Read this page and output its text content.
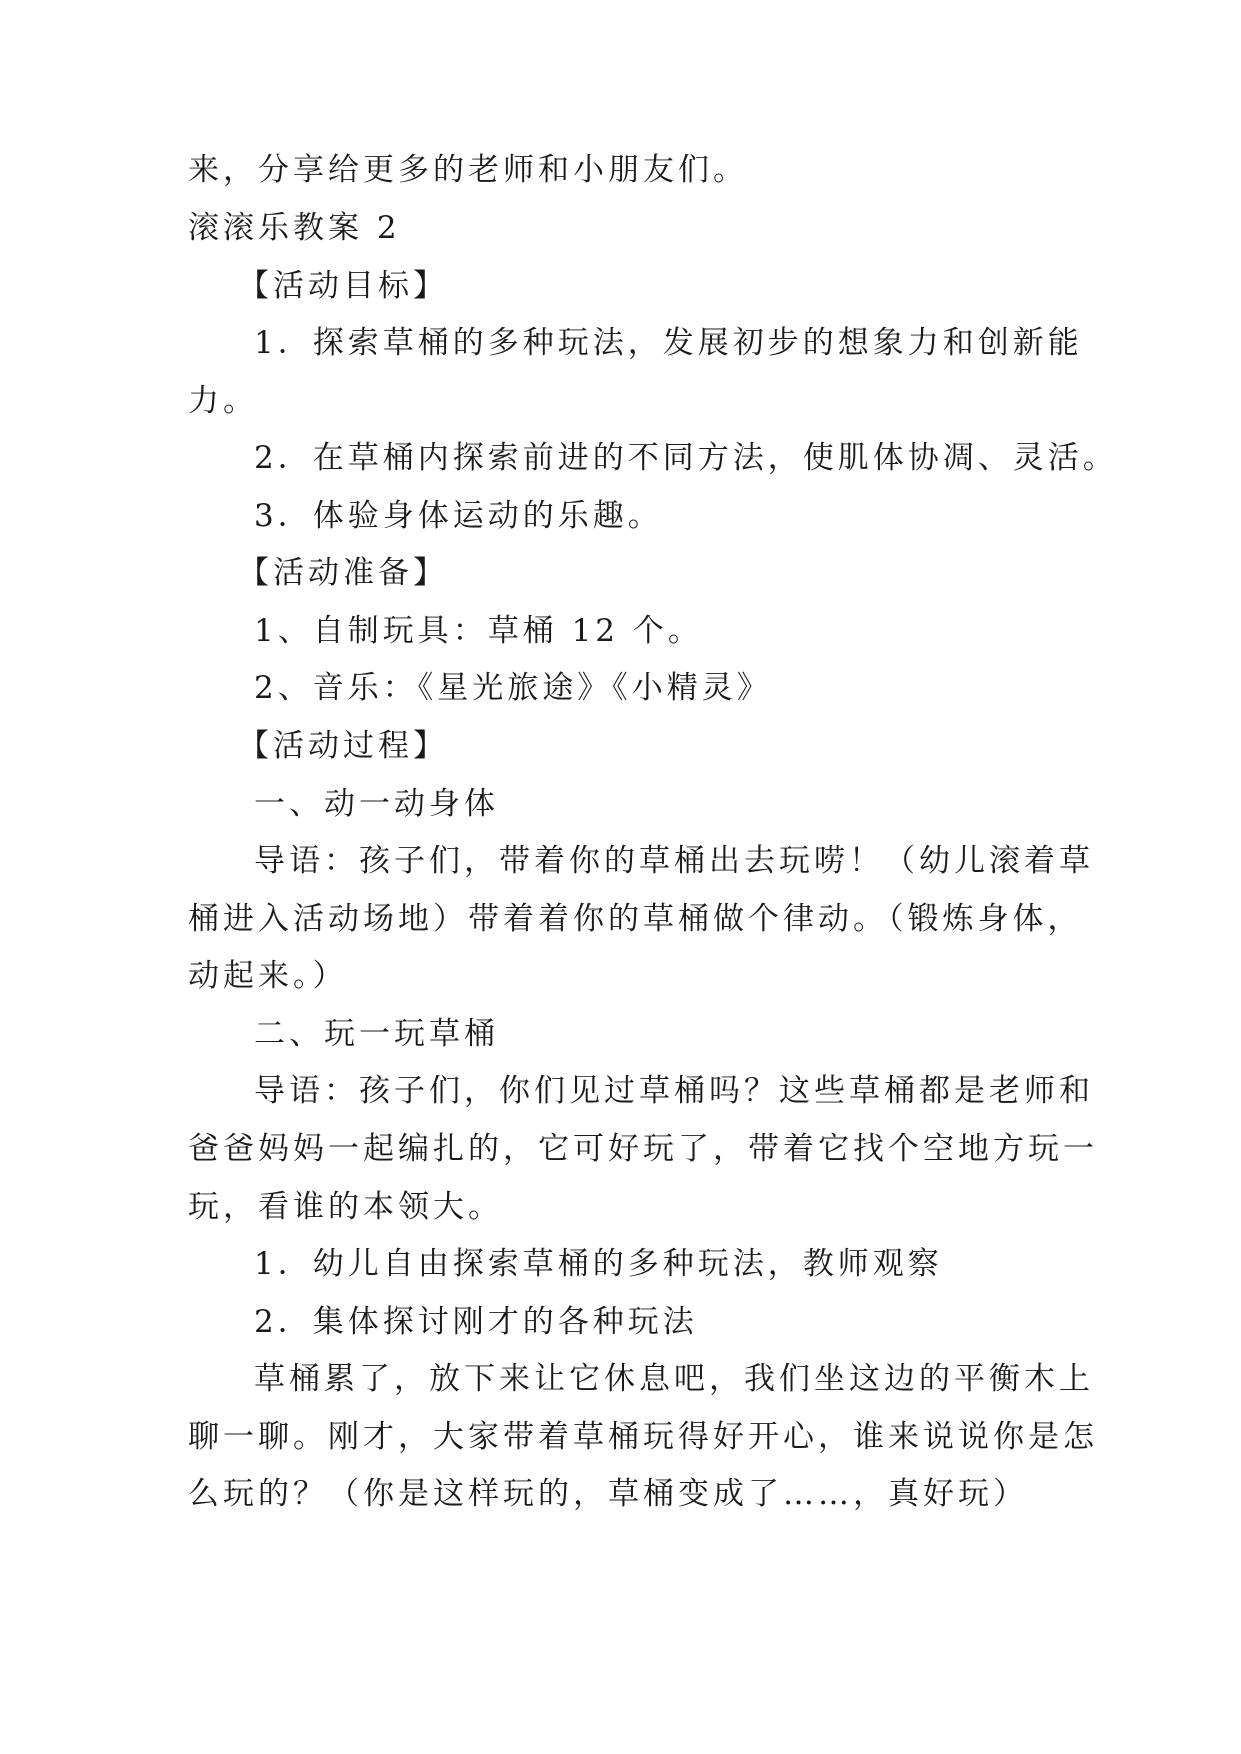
来，分享给更多的老师和小朋友们。
滚滚乐教案 2
【活动目标】
1．探索草桶的多种玩法，发展初步的想象力和创新能
力。
2．在草桶内探索前进的不同方法，使肌体协凋、灵活。
3．体验身体运动的乐趣。
【活动准备】
1、自制玩具：草桶 12 个。
2、音乐：《星光旅途》《小精灵》
【活动过程】
一、动一动身体
导语：孩子们，带着你的草桶出去玩唠！（幼儿滚着草
桶进入活动场地）带着着你的草桶做个律动。（锻炼身体，
动起来。）
二、玩一玩草桶
导语：孩子们，你们见过草桶吗？这些草桶都是老师和
爸爸妈妈一起编扎的，它可好玩了，带着它找个空地方玩一
玩，看谁的本领大。
1．幼儿自由探索草桶的多种玩法，教师观察
2．集体探讨刚才的各种玩法
草桶累了，放下来让它休息吧，我们坐这边的平衡木上
聊一聊。刚才，大家带着草桶玩得好开心，谁来说说你是怎
么玩的？（你是这样玩的，草桶变成了……，真好玩）
